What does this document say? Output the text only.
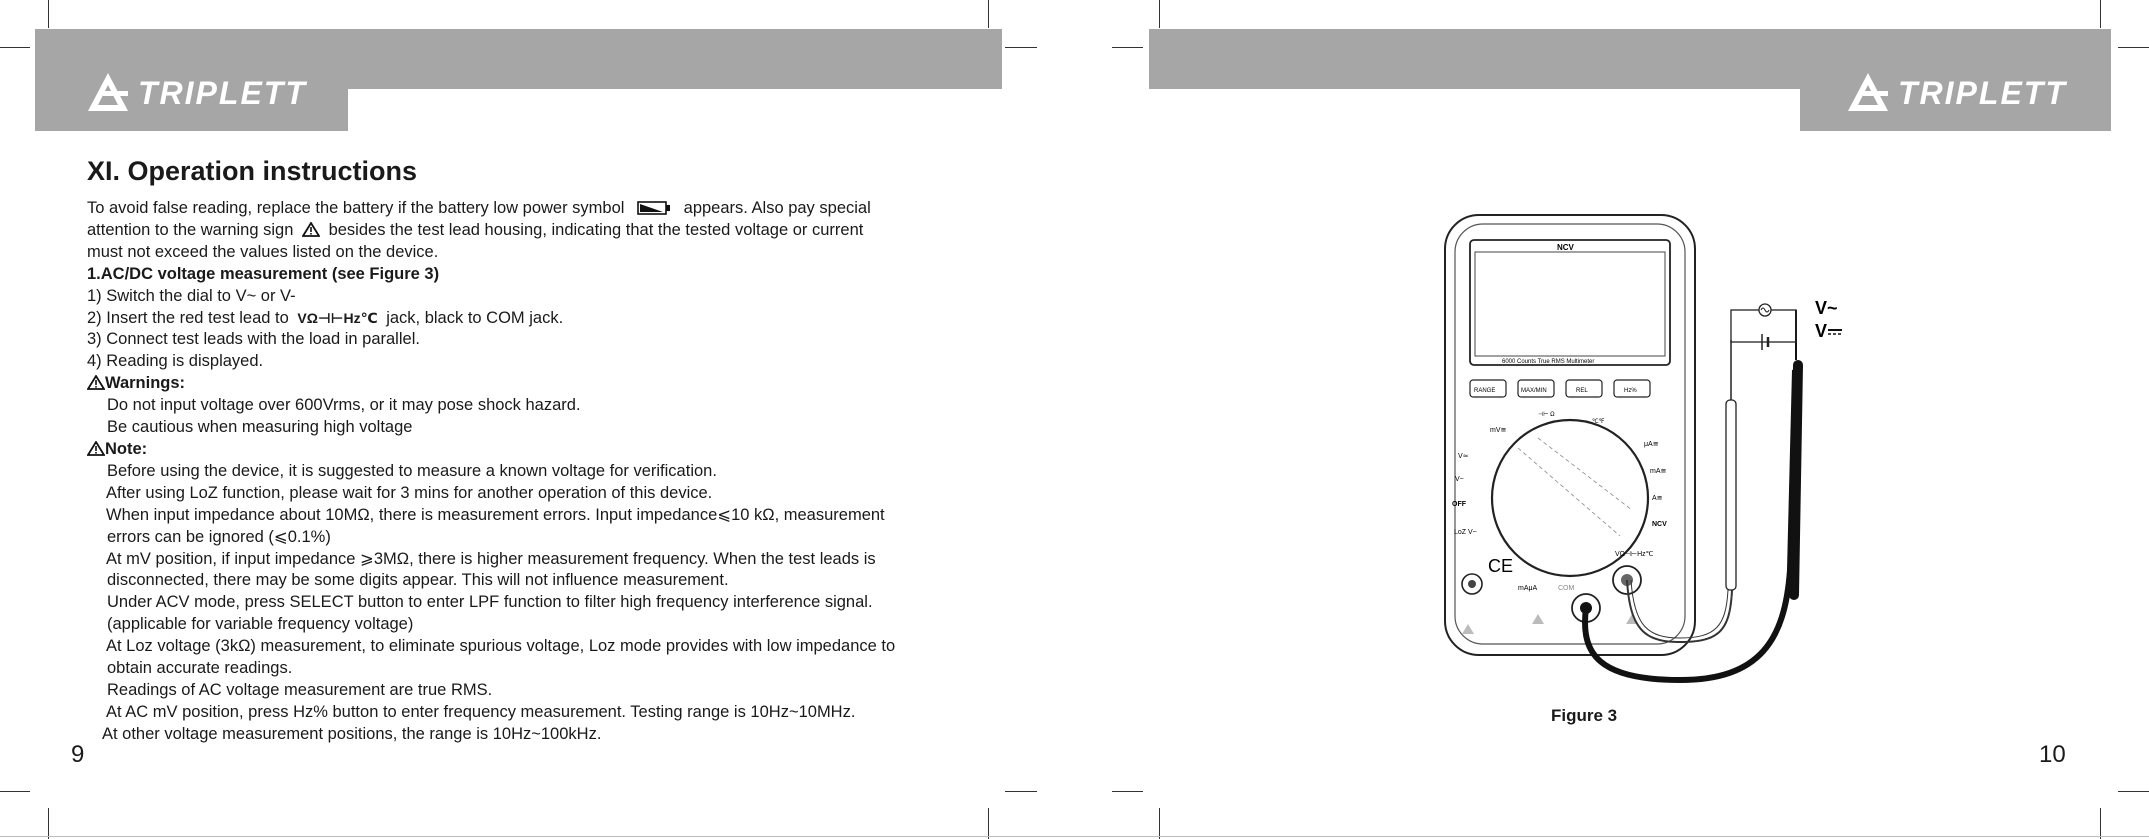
TRIPLETT	TRIPLETT
XI. Operation instructions
To avoid false reading, replace the battery if the battery low power symbol	appears. Also pay special
attention to the warning sign besides the test lead housing, indicating that the tested voltage or current
must not exceed the values listed on the device.
1.AC/DC voltage measurement (see Figure 3)
1) Switch the dial to V~ or V-
2) Insert the red test lead to VΩ⊣⊢Hz℃ jack, black to COM jack.
3) Connect test leads with the load in parallel.
4) Reading is displayed.
Warnings:
Do not input voltage over 600Vrms, or it may pose shock hazard.
Be cautious when measuring high voltage
Note:
Before using the device, it is suggested to measure a known voltage for verification.
After using LoZ function, please wait for 3 mins for another operation of this device.
When input impedance about 10MΩ, there is measurement errors. Input impedance⩽10 kΩ, measurement
errors can be ignored (⩽0.1%)
At mV position, if input impedance ⩾3MΩ, there is higher measurement frequency. When the test leads is
disconnected, there may be some digits appear. This will not influence measurement.
Under ACV mode, press SELECT button to enter LPF function to filter high frequency interference signal.
(applicable for variable frequency voltage)
At Loz voltage (3kΩ) measurement, to eliminate spurious voltage, Loz mode provides with low impedance to
obtain accurate readings.
Readings of AC voltage measurement are true RMS.
At AC mV position, press Hz% button to enter frequency measurement. Testing range is 10Hz~10MHz.
At other voltage measurement positions, the range is 10Hz~100kHz.
9	10
NCV
6000 Counts True RMS Multimeter
RANGE	MAX/MIN	REL	Hz%
mV≅
V≃
V~
OFF
LoZ V~
⊣⊢ Ω
℃℉
μA≅
mA≅
A≅
NCV
CE
mAμA	COM
VΩ⊣⊢Hz℃
V~
V
Figure 3
